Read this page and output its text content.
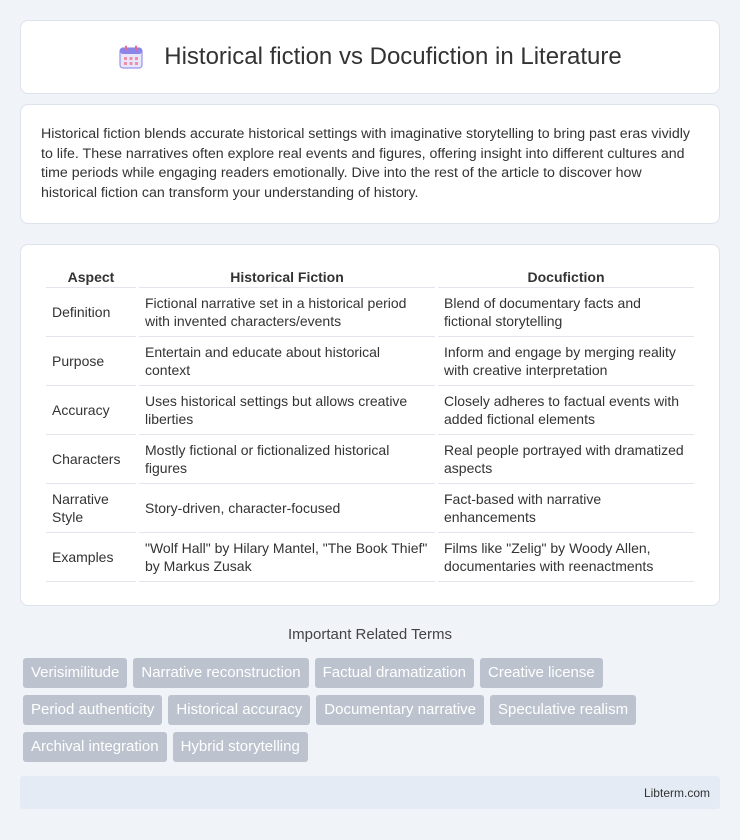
Historical fiction vs Docufiction in Literature

Historical fiction blends accurate historical settings with imaginative storytelling to bring past eras vividly to life. These narratives often explore real events and figures, offering insight into different cultures and time periods while engaging readers emotionally. Dive into the rest of the article to discover how historical fiction can transform your understanding of history.

Aspect	Historical Fiction	Docufiction
Definition	Fictional narrative set in a historical period with invented characters/events	Blend of documentary facts and fictional storytelling
Purpose	Entertain and educate about historical context	Inform and engage by merging reality with creative interpretation
Accuracy	Uses historical settings but allows creative liberties	Closely adheres to factual events with added fictional elements
Characters	Mostly fictional or fictionalized historical figures	Real people portrayed with dramatized aspects
Narrative Style	Story-driven, character-focused	Fact-based with narrative enhancements
Examples	"Wolf Hall" by Hilary Mantel, "The Book Thief" by Markus Zusak	Films like "Zelig" by Woody Allen, documentaries with reenactments
Important Related Terms
Verisimilitude	Narrative reconstruction	Factual dramatization	Creative license
Period authenticity	Historical accuracy	Documentary narrative	Speculative realism
Archival integration	Hybrid storytelling
Libterm.com
